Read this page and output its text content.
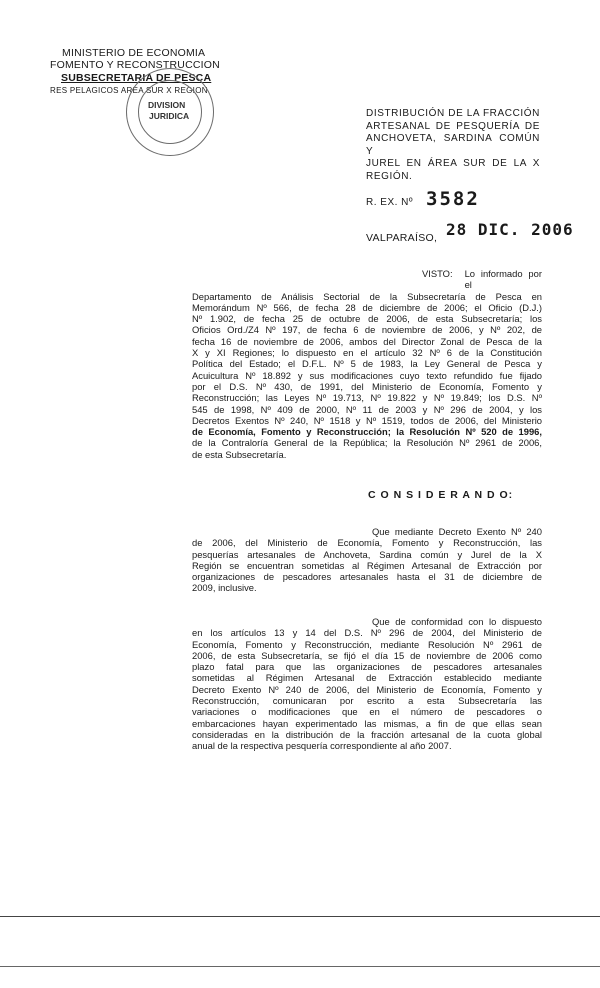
MINISTERIO DE ECONOMIA
FOMENTO Y RECONSTRUCCION
SUBSECRETARIA DE PESCA
RES PELAGICOS AREA SUR X REGION
DIVISION
JURIDICA	DISTRIBUCIÓN DE LA FRACCIÓN
ARTESANAL DE PESQUERÍA DE
ANCHOVETA, SARDINA COMÚN Y
JUREL EN ÁREA SUR DE LA X
REGIÓN.
R. EX. Nº 3582
VALPARAÍSO, 28 DIC. 2006
VISTO: Lo informado por el
Departamento de Análisis Sectorial de la Subsecretaría de Pesca en
Memorándum Nº 566, de fecha 28 de diciembre de 2006; el Oficio (D.J.)
Nº 1.902, de fecha 25 de octubre de 2006, de esta Subsecretaría; los
Oficios Ord./Z4 Nº 197, de fecha 6 de noviembre de 2006, y Nº 202, de
fecha 16 de noviembre de 2006, ambos del Director Zonal de Pesca de la
X y XI Regiones; lo dispuesto en el artículo 32 Nº 6 de la Constitución
Política del Estado; el D.F.L. Nº 5 de 1983, la Ley General de Pesca y
Acuicultura Nº 18.892 y sus modificaciones cuyo texto refundido fue fijado
por el D.S. Nº 430, de 1991, del Ministerio de Economía, Fomento y
Reconstrucción; las Leyes Nº 19.713, Nº 19.822 y Nº 19.849; los D.S. Nº
545 de 1998, Nº 409 de 2000, Nº 11 de 2003 y Nº 296 de 2004, y los
Decretos Exentos Nº 240, Nº 1518 y Nº 1519, todos de 2006, del Ministerio
de Economía, Fomento y Reconstrucción; la Resolución Nº 520 de 1996,
de la Contraloría General de la República; la Resolución Nº 2961 de 2006,
de esta Subsecretaría.
C O N S I D E R A N D O:
Que mediante Decreto Exento Nº 240
de 2006, del Ministerio de Economía, Fomento y Reconstrucción, las
pesquerías artesanales de Anchoveta, Sardina común y Jurel de la X
Región se encuentran sometidas al Régimen Artesanal de Extracción por
organizaciones de pescadores artesanales hasta el 31 de diciembre de
2009, inclusive.
Que de conformidad con lo dispuesto
en los artículos 13 y 14 del D.S. Nº 296 de 2004, del Ministerio de
Economía, Fomento y Reconstrucción, mediante Resolución Nº 2961 de
2006, de esta Subsecretaría, se fijó el día 15 de noviembre de 2006 como
plazo fatal para que las organizaciones de pescadores artesanales
sometidas al Régimen Artesanal de Extracción establecido mediante
Decreto Exento Nº 240 de 2006, del Ministerio de Economía, Fomento y
Reconstrucción, comunicaran por escrito a esta Subsecretaría las
variaciones o modificaciones que en el número de pescadores o
embarcaciones hayan experimentado las mismas, a fin de que ellas sean
consideradas en la distribución de la fracción artesanal de la cuota global
anual de la respectiva pesquería correspondiente al año 2007.
